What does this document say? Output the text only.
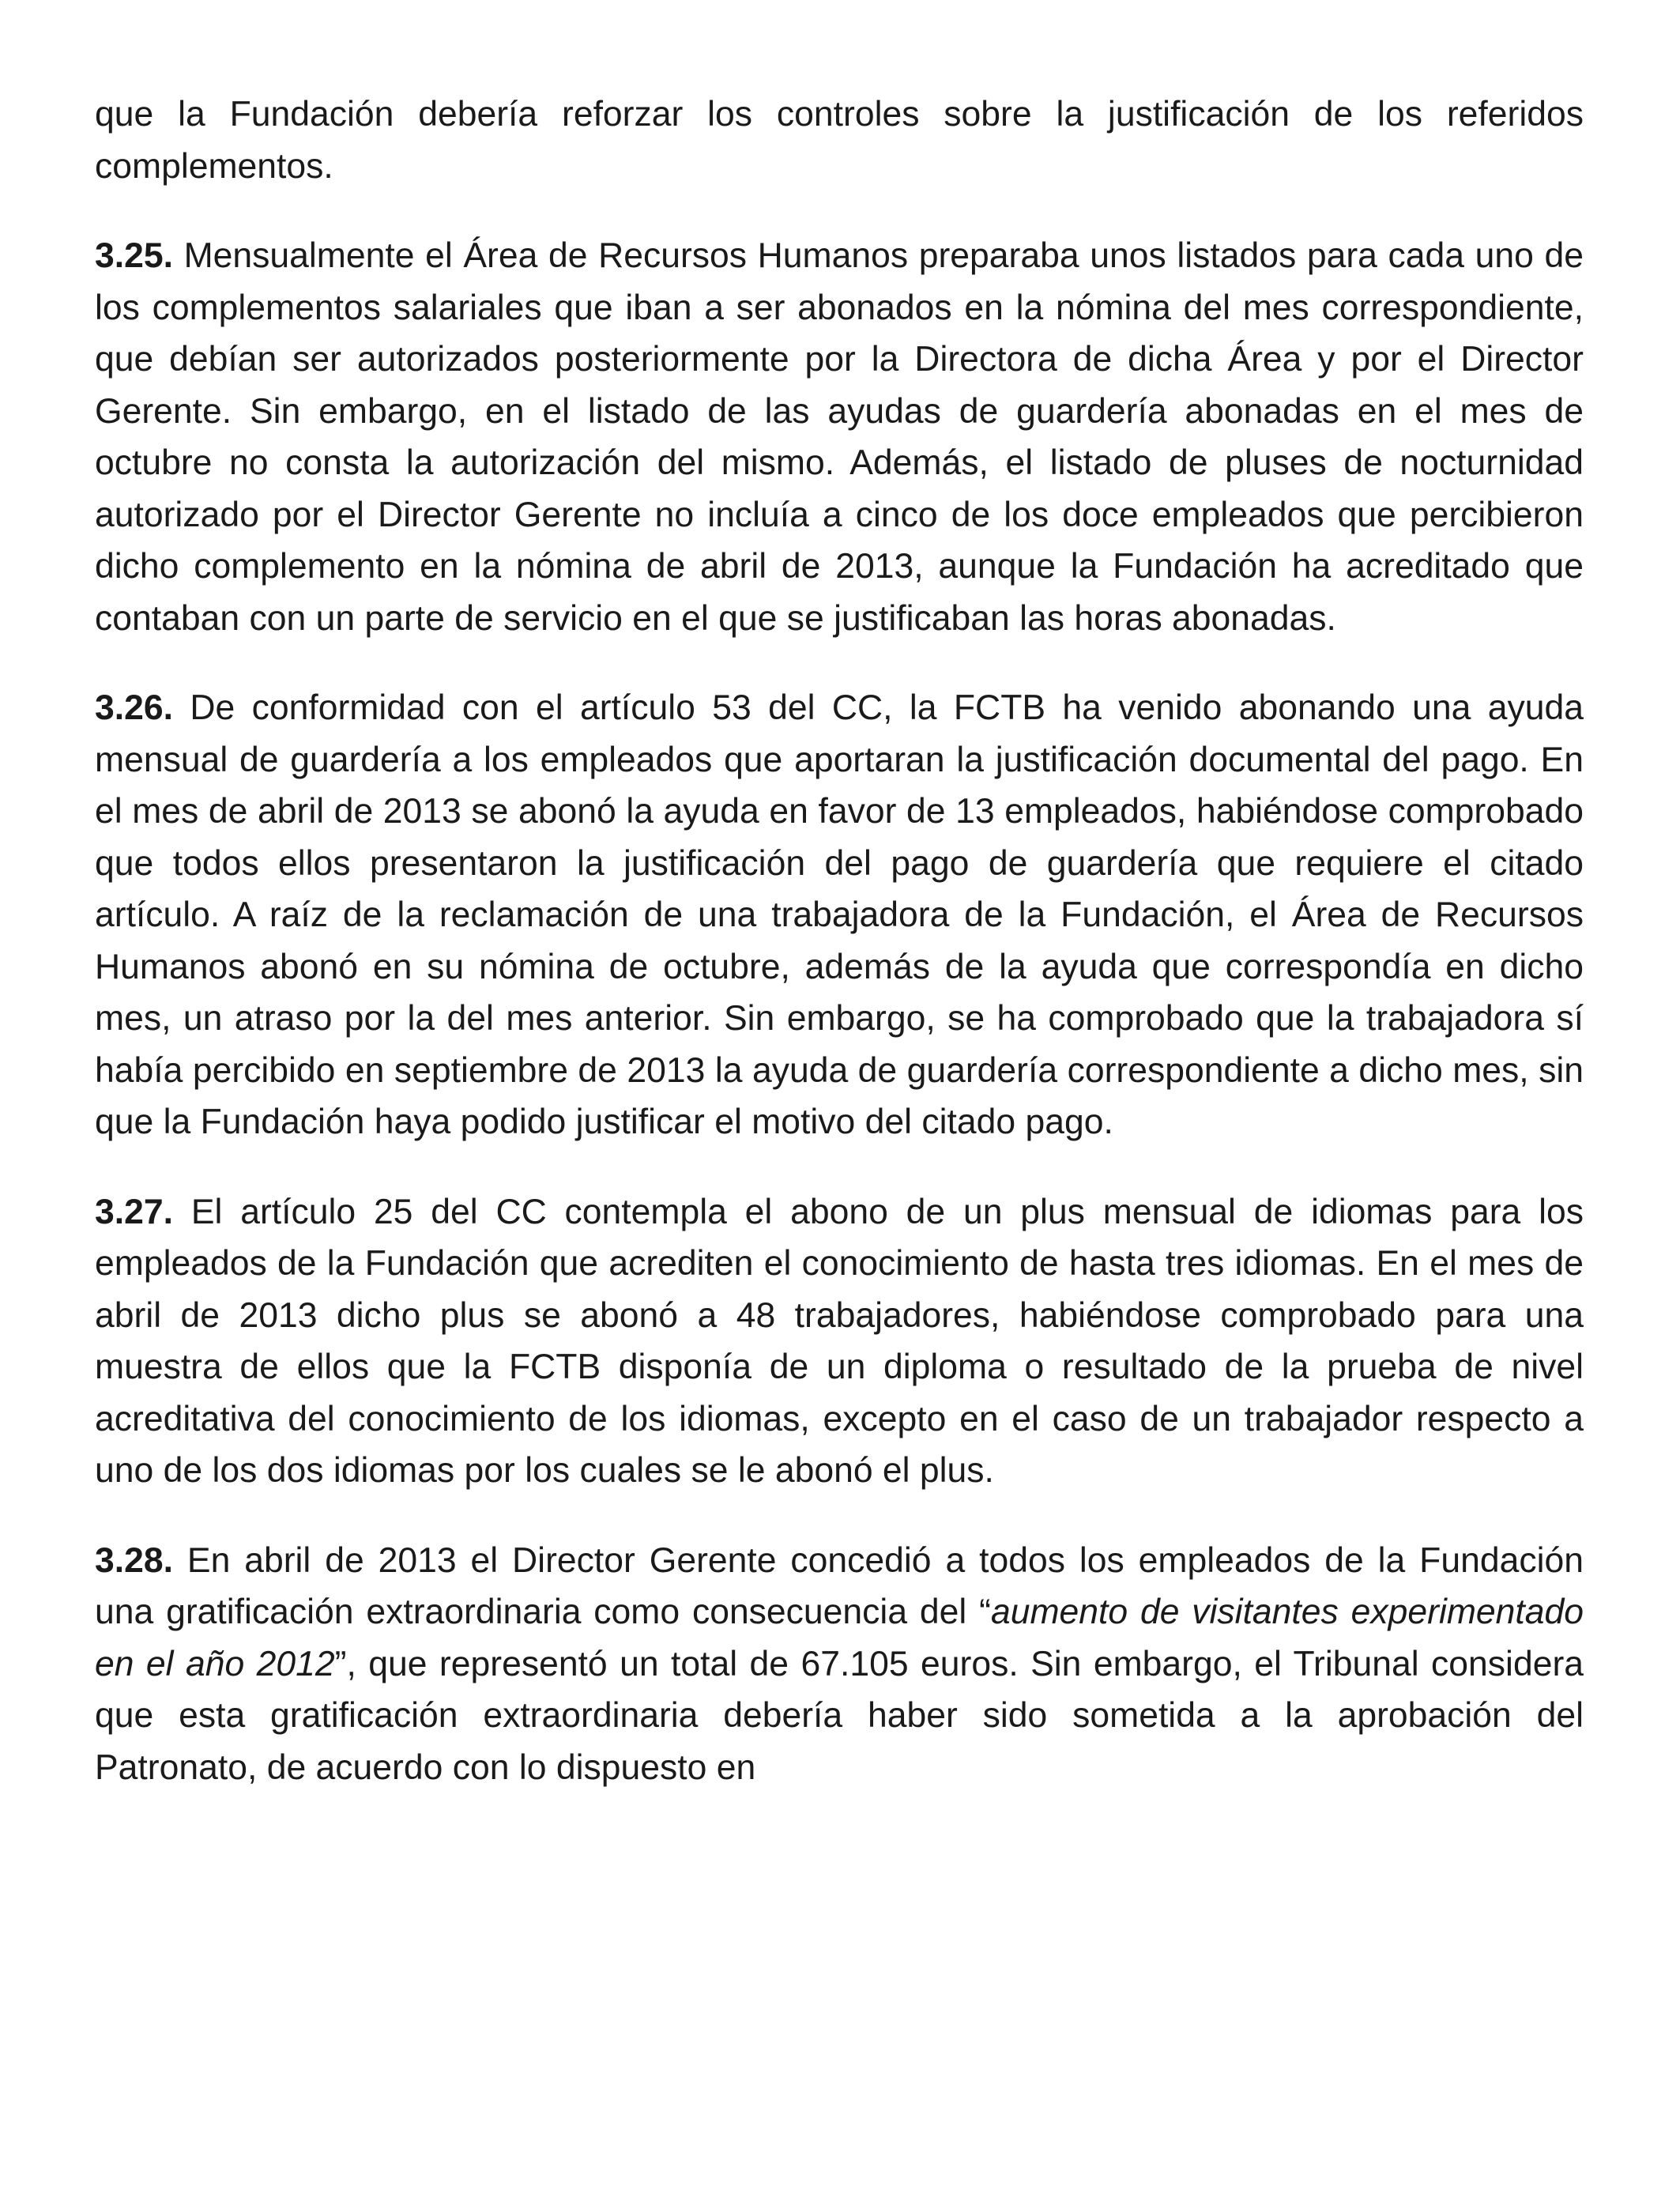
que la Fundación debería reforzar los controles sobre la justificación de los referidos complementos.

3.25. Mensualmente el Área de Recursos Humanos preparaba unos listados para cada uno de los complementos salariales que iban a ser abonados en la nómina del mes correspondiente, que debían ser autorizados posteriormente por la Directora de dicha Área y por el Director Gerente. Sin embargo, en el listado de las ayudas de guardería abonadas en el mes de octubre no consta la autorización del mismo. Además, el listado de pluses de nocturnidad autorizado por el Director Gerente no incluía a cinco de los doce empleados que percibieron dicho complemento en la nómina de abril de 2013, aunque la Fundación ha acreditado que contaban con un parte de servicio en el que se justificaban las horas abonadas.

3.26. De conformidad con el artículo 53 del CC, la FCTB ha venido abonando una ayuda mensual de guardería a los empleados que aportaran la justificación documental del pago. En el mes de abril de 2013 se abonó la ayuda en favor de 13 empleados, habiéndose comprobado que todos ellos presentaron la justificación del pago de guardería que requiere el citado artículo. A raíz de la reclamación de una trabajadora de la Fundación, el Área de Recursos Humanos abonó en su nómina de octubre, además de la ayuda que correspondía en dicho mes, un atraso por la del mes anterior. Sin embargo, se ha comprobado que la trabajadora sí había percibido en septiembre de 2013 la ayuda de guardería correspondiente a dicho mes, sin que la Fundación haya podido justificar el motivo del citado pago.

3.27. El artículo 25 del CC contempla el abono de un plus mensual de idiomas para los empleados de la Fundación que acrediten el conocimiento de hasta tres idiomas. En el mes de abril de 2013 dicho plus se abonó a 48 trabajadores, habiéndose comprobado para una muestra de ellos que la FCTB disponía de un diploma o resultado de la prueba de nivel acreditativa del conocimiento de los idiomas, excepto en el caso de un trabajador respecto a uno de los dos idiomas por los cuales se le abonó el plus.

3.28. En abril de 2013 el Director Gerente concedió a todos los empleados de la Fundación una gratificación extraordinaria como consecuencia del “aumento de visitantes experimentado en el año 2012”, que representó un total de 67.105 euros. Sin embargo, el Tribunal considera que esta gratificación extraordinaria debería haber sido sometida a la aprobación del Patronato, de acuerdo con lo dispuesto en
